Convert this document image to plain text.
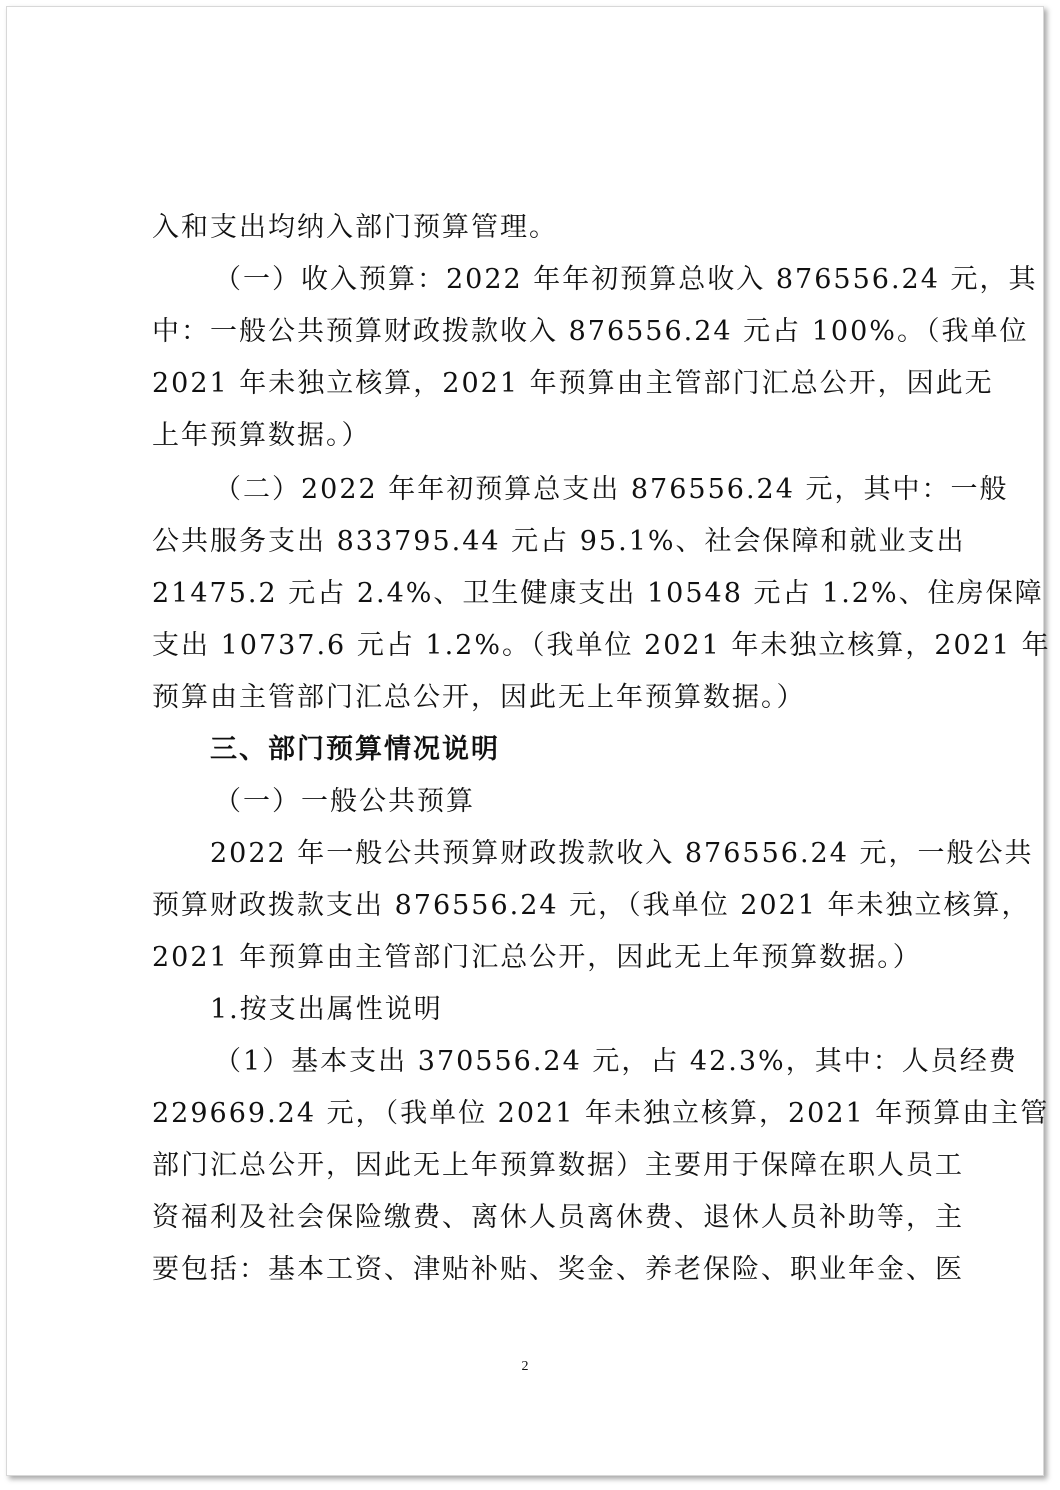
入和支出均纳入部门预算管理。
（一）收入预算：2022 年年初预算总收入 876556.24 元，其
中：一般公共预算财政拨款收入 876556.24 元占 100%。（我单位
2021 年未独立核算，2021 年预算由主管部门汇总公开，因此无
上年预算数据。）
（二）2022 年年初预算总支出 876556.24 元，其中：一般
公共服务支出 833795.44 元占 95.1%、社会保障和就业支出
21475.2 元占 2.4%、卫生健康支出 10548 元占 1.2%、住房保障
支出 10737.6 元占 1.2%。（我单位 2021 年未独立核算，2021 年
预算由主管部门汇总公开，因此无上年预算数据。）
三、部门预算情况说明
（一）一般公共预算
2022 年一般公共预算财政拨款收入 876556.24 元，一般公共
预算财政拨款支出 876556.24 元，（我单位 2021 年未独立核算，
2021 年预算由主管部门汇总公开，因此无上年预算数据。）
1.按支出属性说明
（1）基本支出 370556.24 元，占 42.3%，其中：人员经费
229669.24 元，（我单位 2021 年未独立核算，2021 年预算由主管
部门汇总公开，因此无上年预算数据）主要用于保障在职人员工
资福利及社会保险缴费、离休人员离休费、退休人员补助等，主
要包括：基本工资、津贴补贴、奖金、养老保险、职业年金、医
2
